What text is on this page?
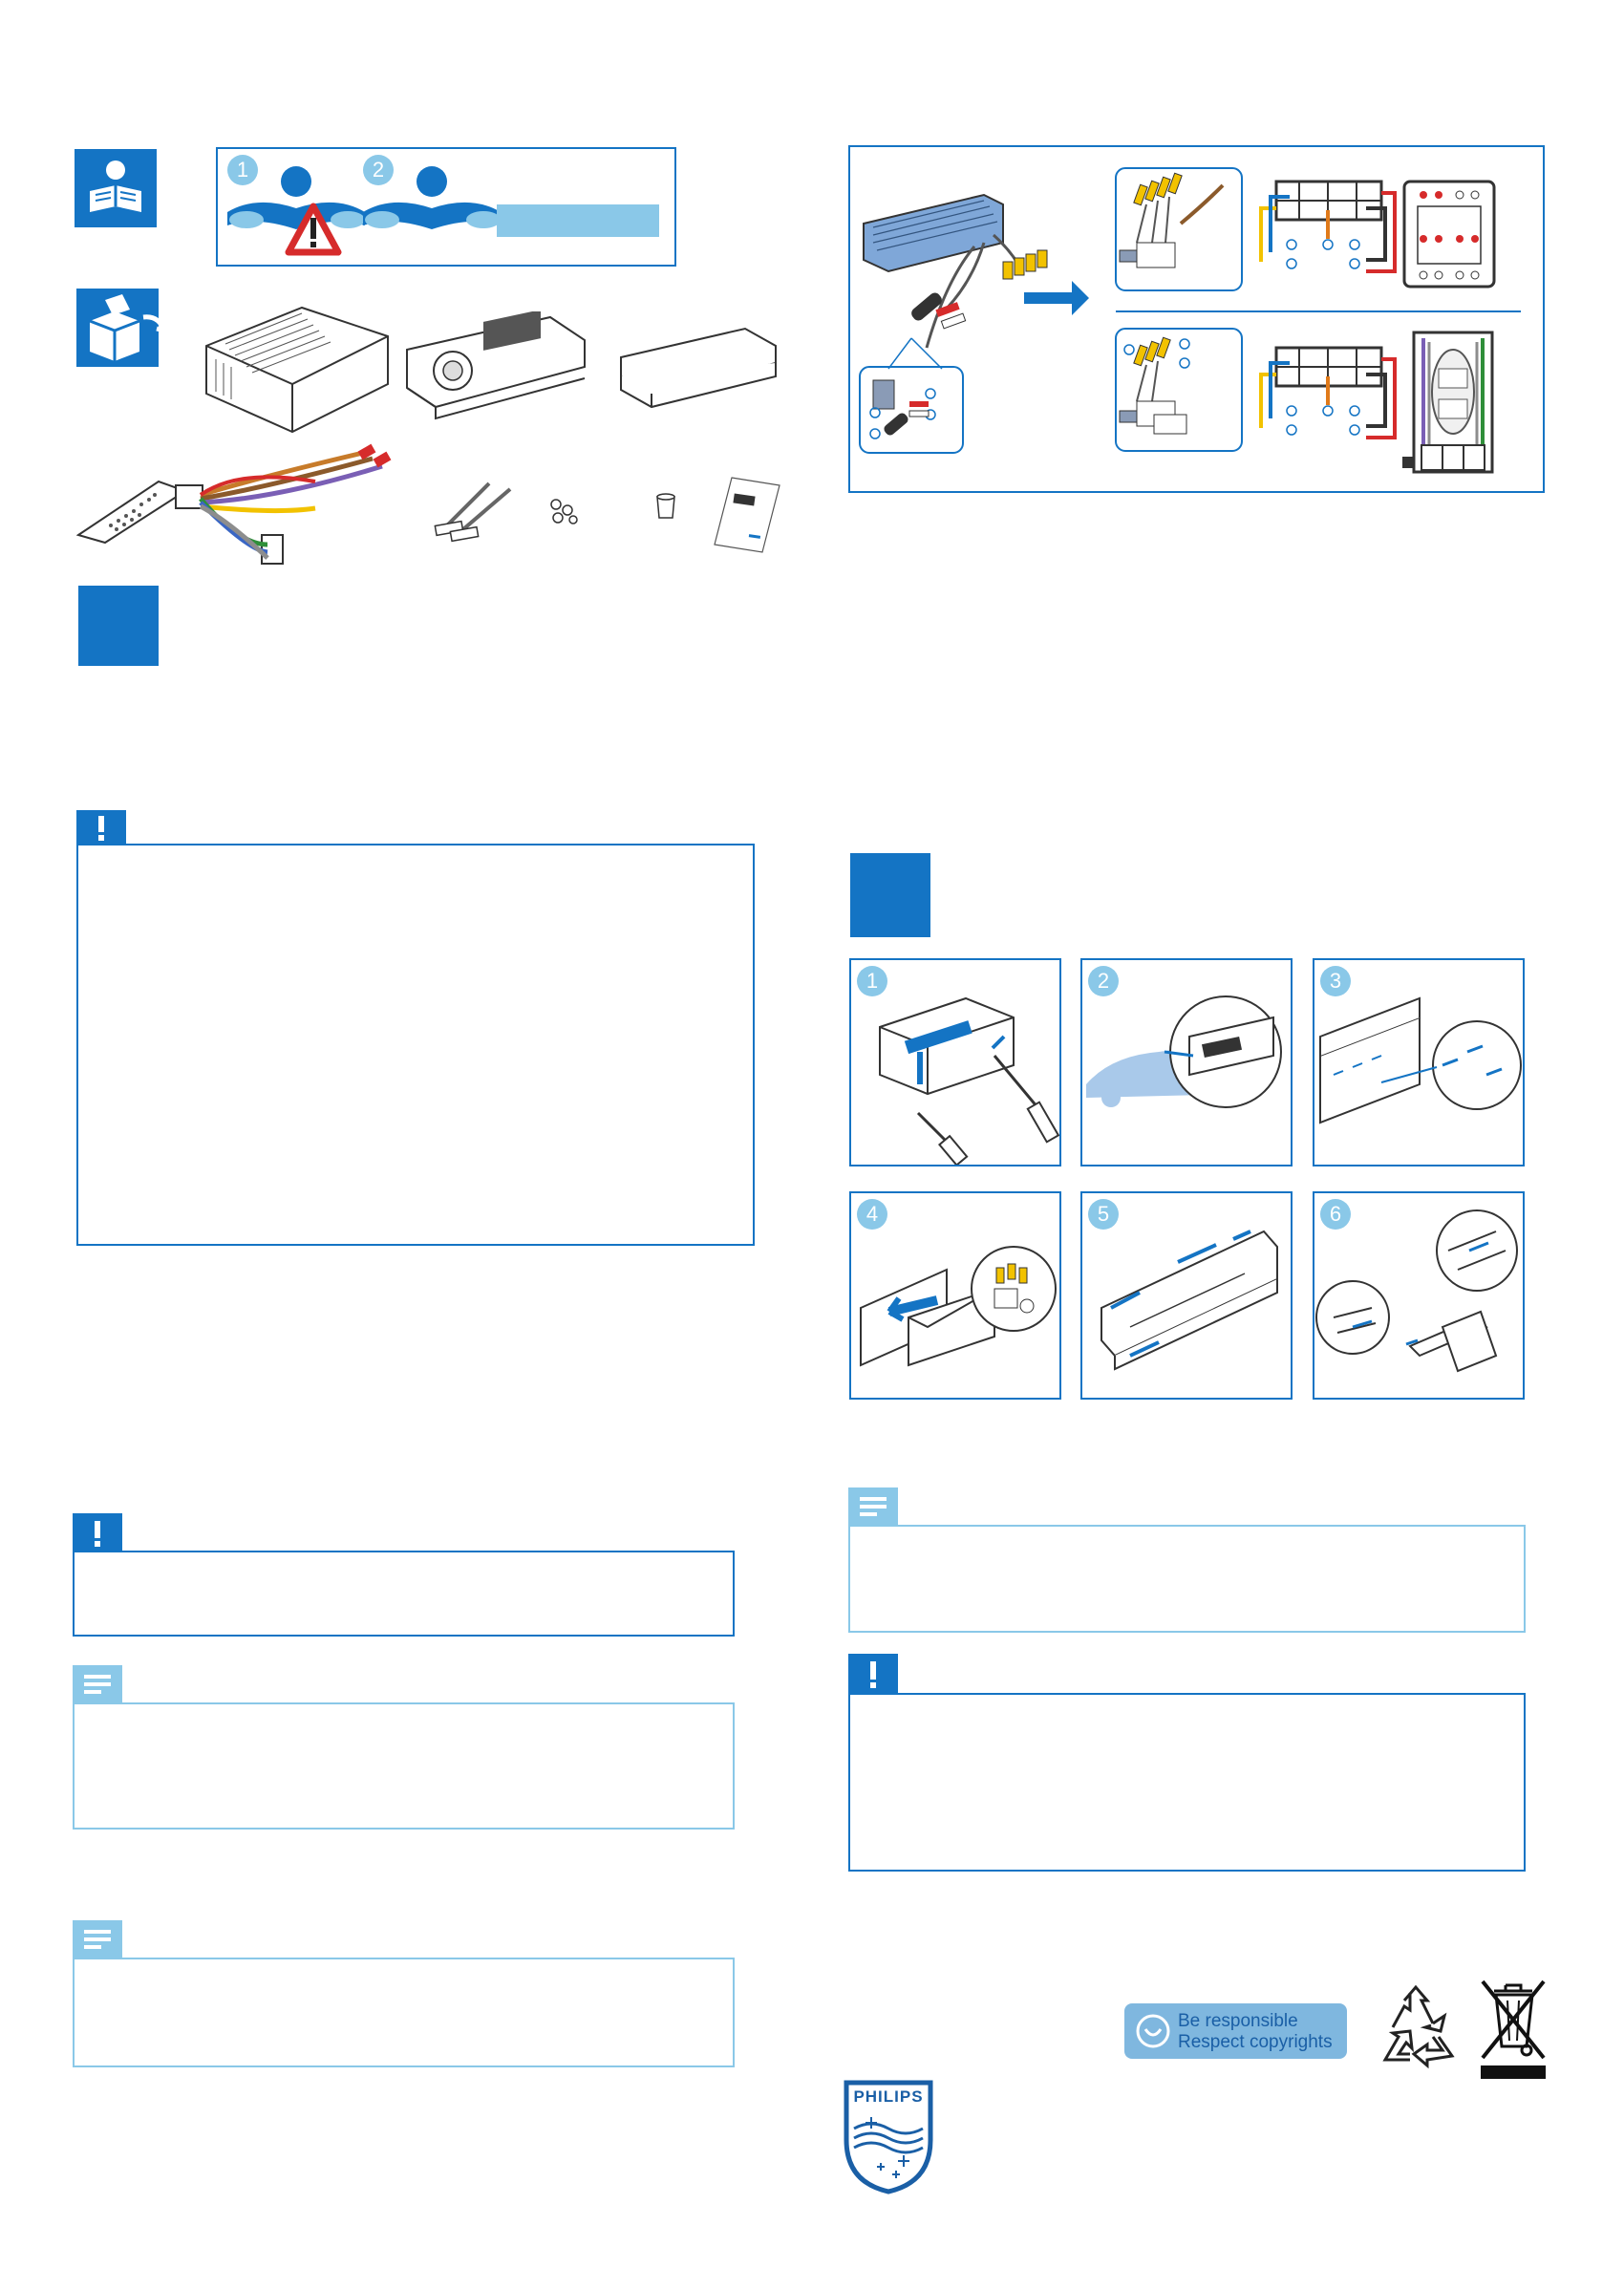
1	2
1	2	3
4	5	6
Be responsible
Respect copyrights
PHILIPS
